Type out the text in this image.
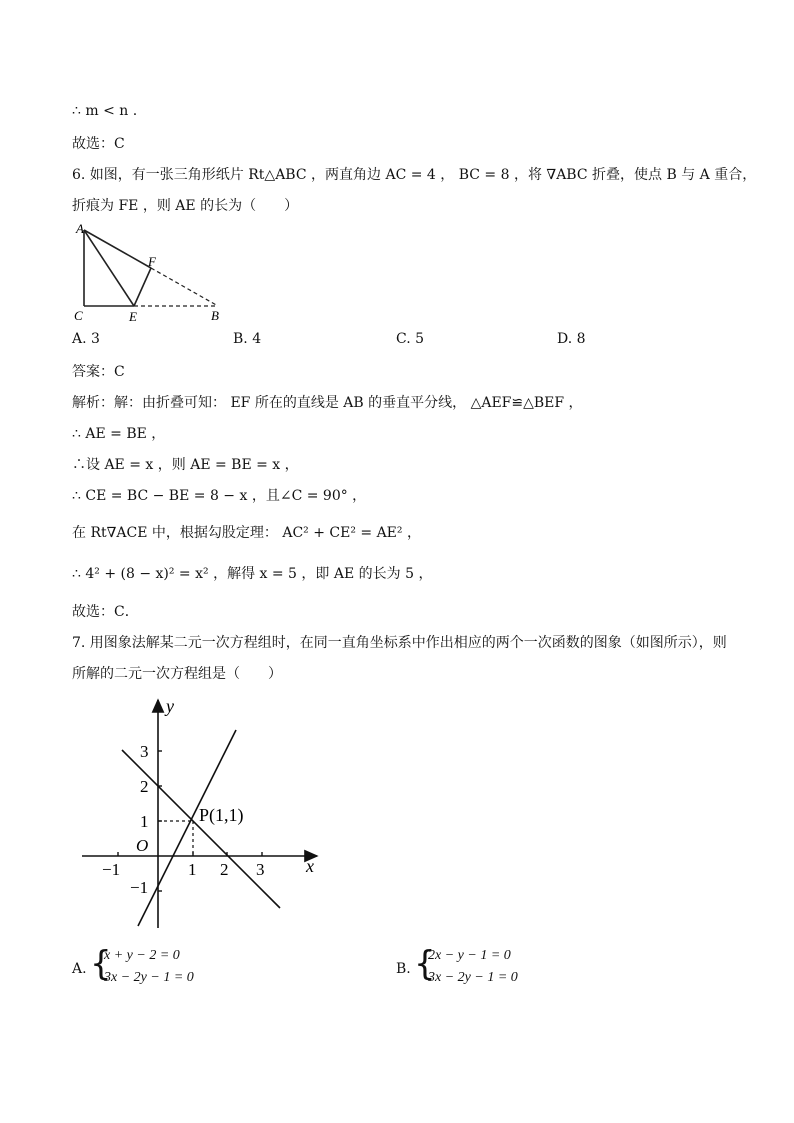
∴ m < n .
故选：C
6. 如图，有一张三角形纸片 Rt△ABC ，两直角边 AC = 4 ， BC = 8 ，将 ∇ABC 折叠，使点 B 与 A 重合，
折痕为 FE ，则 AE 的长为（　　）
A
F
C	E	B
A. 3	B. 4	C. 5	D. 8
答案：C
解析：解：由折叠可知： EF 所在的直线是 AB 的垂直平分线， △AEF≌△BEF ，
∴ AE = BE ，
∴设 AE = x ，则 AE = BE = x ，
∴ CE = BC − BE = 8 − x ，且∠C = 90° ，
在 Rt∇ACE 中，根据勾股定理： AC² + CE² = AE² ，
∴ 4² + (8 − x)² = x² ，解得 x = 5 ，即 AE 的长为 5 ，
故选：C．
7. 用图象法解某二元一次方程组时，在同一直角坐标系中作出相应的两个一次函数的图象（如图所示），则
所解的二元一次方程组是（　　）
y
x
O
P(1,1)
−1	1 2 3
3
2
1
−1
A. {
x + y − 2 = 0
3x − 2y − 1 = 0
B. {
2x − y − 1 = 0
3x − 2y − 1 = 0
